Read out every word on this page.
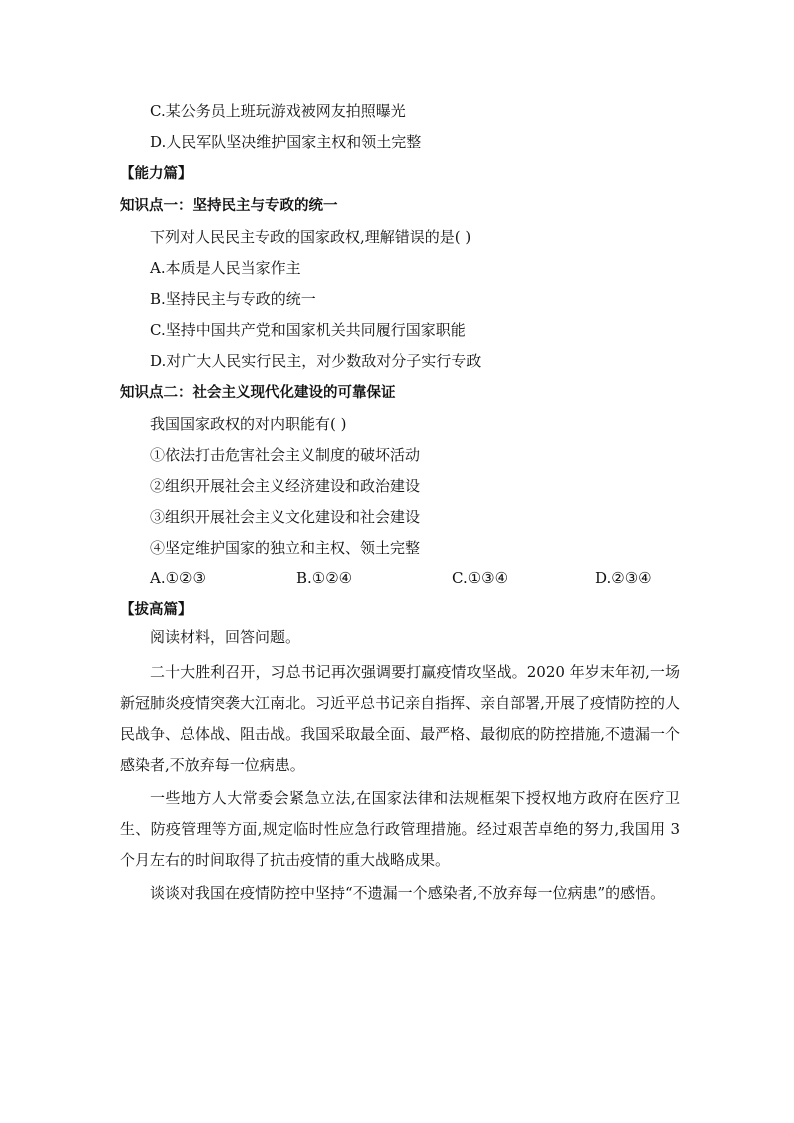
C.某公务员上班玩游戏被网友拍照曝光
D.人民军队坚决维护国家主权和领土完整
【能力篇】
知识点一：坚持民主与专政的统一
下列对人民民主专政的国家政权,理解错误的是( )
A.本质是人民当家作主
B.坚持民主与专政的统一
C.坚持中国共产党和国家机关共同履行国家职能
D.对广大人民实行民主，对少数敌对分子实行专政
知识点二：社会主义现代化建设的可靠保证
我国国家政权的对内职能有( )
①依法打击危害社会主义制度的破坏活动
②组织开展社会主义经济建设和政治建设
③组织开展社会主义文化建设和社会建设
④坚定维护国家的独立和主权、领土完整
A.①②③	B.①②④	C.①③④	D.②③④
【拔高篇】
阅读材料，回答问题。
二十大胜利召开，习总书记再次强调要打赢疫情攻坚战。2020 年岁末年初,一场新冠肺炎疫情突袭大江南北。习近平总书记亲自指挥、亲自部署,开展了疫情防控的人民战争、总体战、阻击战。我国采取最全面、最严格、最彻底的防控措施,不遗漏一个感染者,不放弃每一位病患。
一些地方人大常委会紧急立法,在国家法律和法规框架下授权地方政府在医疗卫生、防疫管理等方面,规定临时性应急行政管理措施。经过艰苦卓绝的努力,我国用 3 个月左右的时间取得了抗击疫情的重大战略成果。
谈谈对我国在疫情防控中坚持“不遗漏一个感染者,不放弃每一位病患”的感悟。
